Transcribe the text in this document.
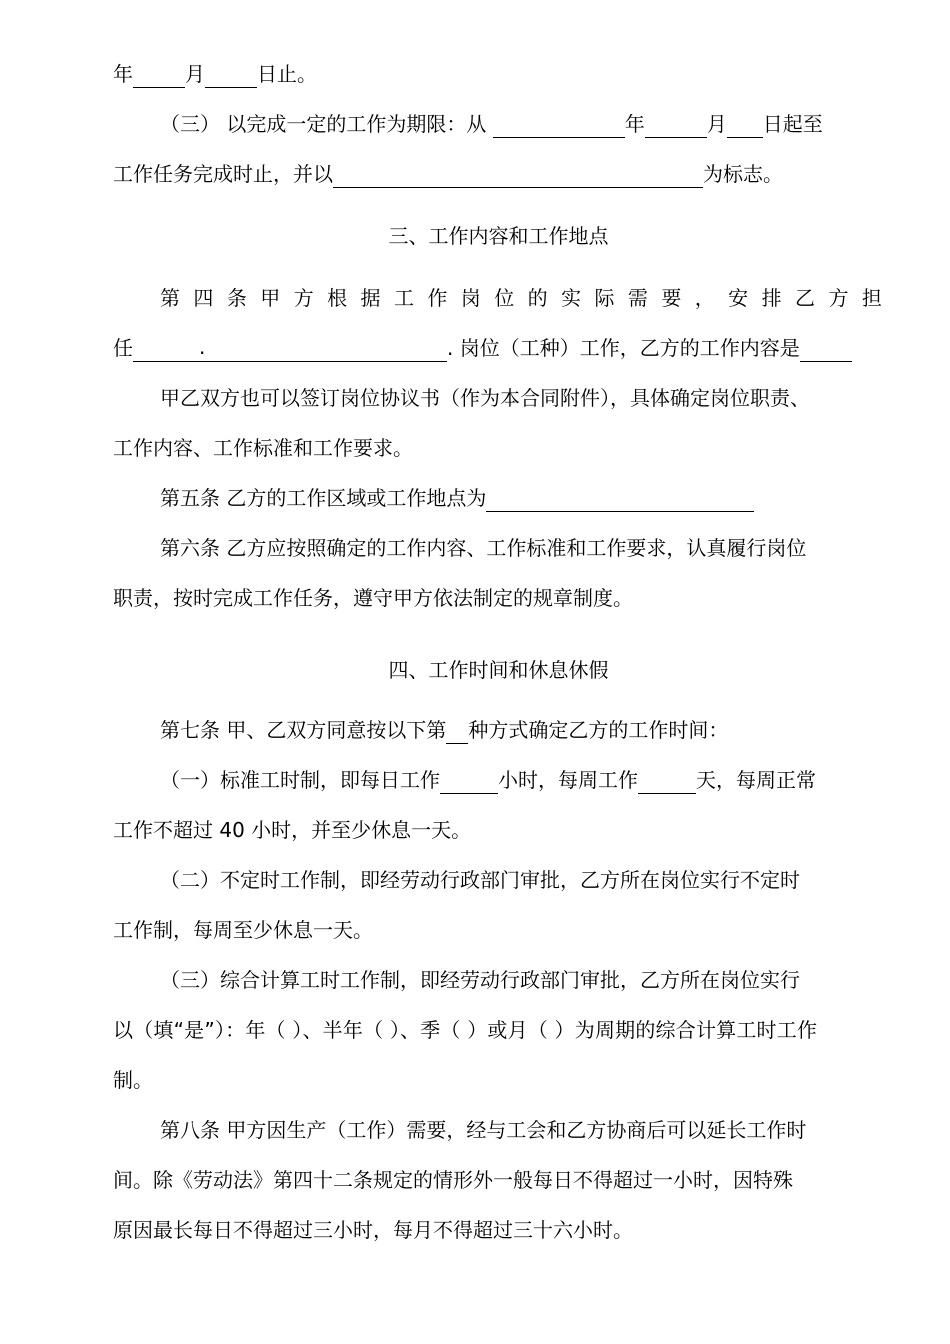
年	月	日止。
（三） 以完成一定的工作为期限：从	年	月 日起至
工作任务完成时止，并以	为标志。
三、工作内容和工作地点
第 四 条 甲 方 根 据 工 作 岗 位 的 实 际 需 要 ， 安 排 乙 方 担
任	.	. 岗位（工种）工作，乙方的工作内容是
甲乙双方也可以签订岗位协议书（作为本合同附件），具体确定岗位职责、
工作内容、工作标准和工作要求。
第五条 乙方的工作区域或工作地点为
第六条 乙方应按照确定的工作内容、工作标准和工作要求，认真履行岗位
职责，按时完成工作任务，遵守甲方依法制定的规章制度。
四、工作时间和休息休假
第七条 甲、乙双方同意按以下第 种方式确定乙方的工作时间：
（一）标准工时制，即每日工作	小时，每周工作	天，每周正常
工作不超过 40 小时，并至少休息一天。
（二）不定时工作制，即经劳动行政部门审批，乙方所在岗位实行不定时
工作制，每周至少休息一天。
（三）综合计算工时工作制，即经劳动行政部门审批，乙方所在岗位实行
以（填“是”）：年（ ）、半年（ ）、季（ ）或月（ ）为周期的综合计算工时工作
制。
第八条 甲方因生产（工作）需要，经与工会和乙方协商后可以延长工作时
间。除《劳动法》第四十二条规定的情形外一般每日不得超过一小时，因特殊
原因最长每日不得超过三小时，每月不得超过三十六小时。
